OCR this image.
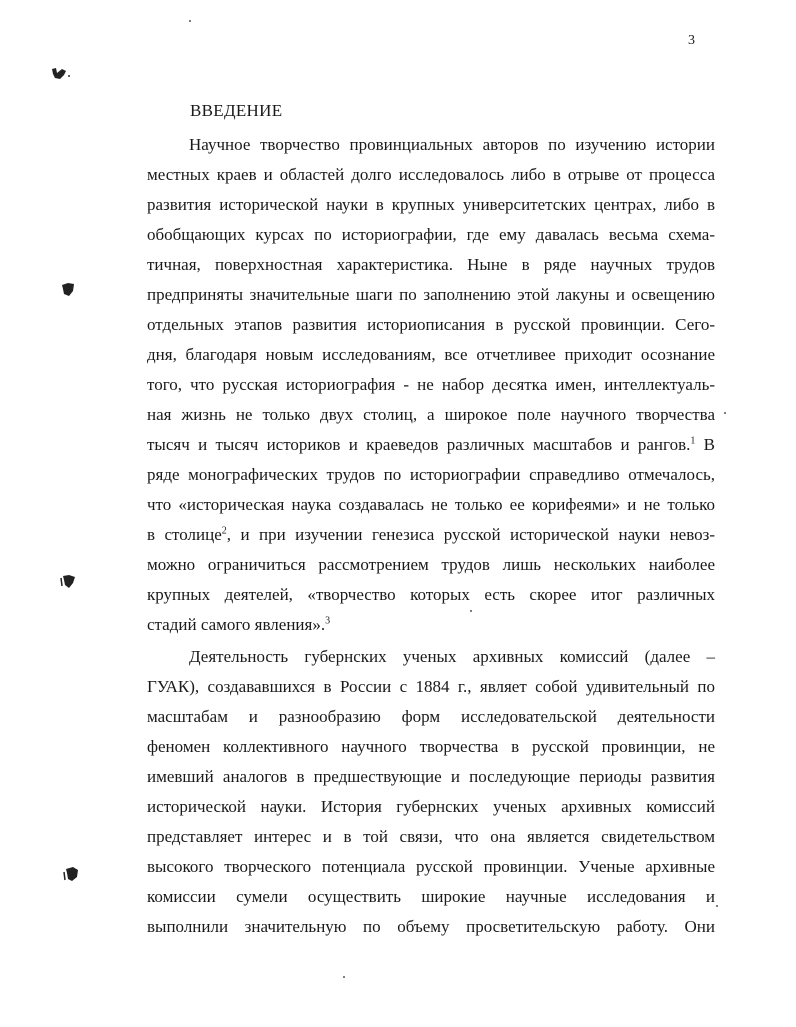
3
ВВЕДЕНИЕ
Научное творчество провинциальных авторов по изучению истории
местных краев и областей долго исследовалось либо в отрыве от процесса
развития исторической науки в крупных университетских центрах, либо в
обобщающих курсах по историографии, где ему давалась весьма схема-
тичная, поверхностная характеристика. Ныне в ряде научных трудов
предприняты значительные шаги по заполнению этой лакуны и освещению
отдельных этапов развития историописания в русской провинции. Сего-
дня, благодаря новым исследованиям, все отчетливее приходит осознание
того, что русская историография - не набор десятка имен, интеллектуаль-
ная жизнь не только двух столиц, а широкое поле научного творчества
тысяч и тысяч историков и краеведов различных масштабов и рангов.$^1$ В
ряде монографических трудов по историографии справедливо отмечалось,
что «историческая наука создавалась не только ее корифеями» и не только
в столице$^2$, и при изучении генезиса русской исторической науки невоз-
можно ограничиться рассмотрением трудов лишь нескольких наиболее
крупных деятелей, «творчество которых есть скорее итог различных
стадий самого явления».$^3$
Деятельность губернских ученых архивных комиссий (далее –
ГУАК), создававшихся в России с 1884 г., являет собой удивительный по
масштабам и разнообразию форм исследовательской деятельности
феномен коллективного научного творчества в русской провинции, не
имевший аналогов в предшествующие и последующие периоды развития
исторической науки. История губернских ученых архивных комиссий
представляет интерес и в той связи, что она является свидетельством
высокого творческого потенциала русской провинции. Ученые архивные
комиссии сумели осуществить широкие научные исследования и
выполнили значительную по объему просветительскую работу. Они
